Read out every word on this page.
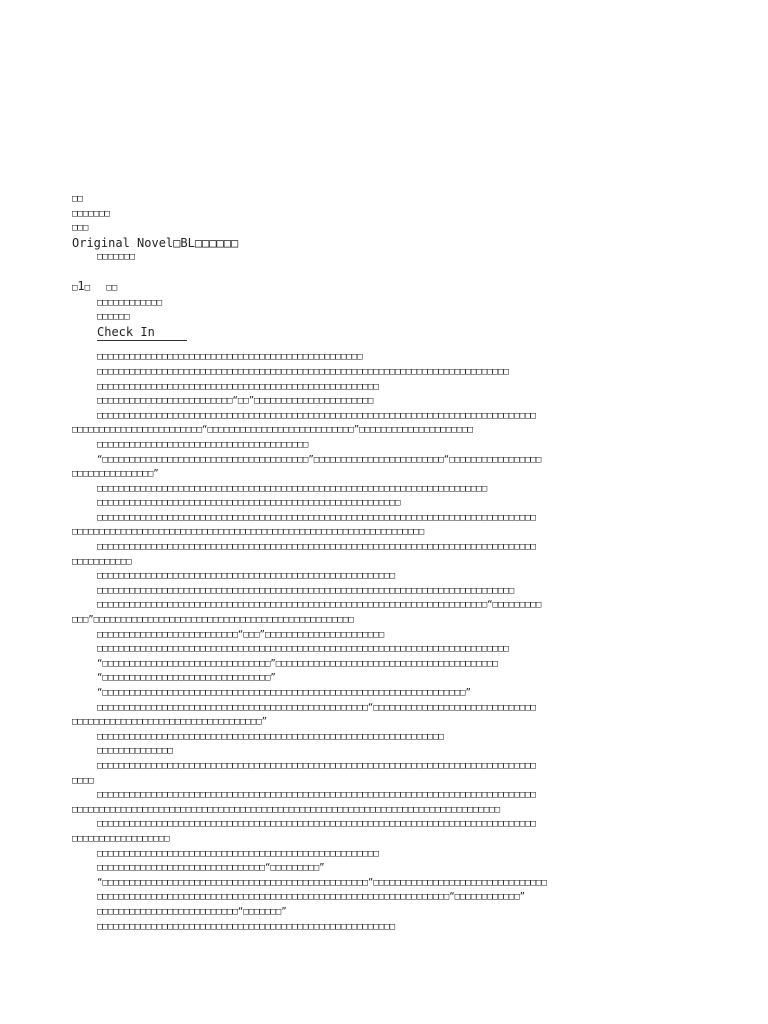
□□
□□□□□□□
□□□
Original Novel□BL□□□□□□
□□□□□□□
□1□ □□
□□□□□□□□□□□□
□□□□□□
Check In
□□□□□□□□□□□□□□□□□□□□□□□□□□□□□□□□□□□□□□□□□□□□□□□□□
□□□□□□□□□□□□□□□□□□□□□□□□□□□□□□□□□□□□□□□□□□□□□□□□□□□□□□□□□□□□□□□□□□□□□□□□□□□□
□□□□□□□□□□□□□□□□□□□□□□□□□□□□□□□□□□□□□□□□□□□□□□□□□□□□
□□□□□□□□□□□□□□□□□□□□□□□□□“□□”□□□□□□□□□□□□□□□□□□□□□□
□□□□□□□□□□□□□□□□□□□□□□□□□□□□□□□□□□□□□□□□□□□□□□□□□□□□□□□□□□□□□□□□□□□□□□□□□□□□□□□□□
□□□□□□□□□□□□□□□□□□□□□□□□“□□□□□□□□□□□□□□□□□□□□□□□□□□□”□□□□□□□□□□□□□□□□□□□□□
□□□□□□□□□□□□□□□□□□□□□□□□□□□□□□□□□□□□□□□
“□□□□□□□□□□□□□□□□□□□□□□□□□□□□□□□□□□□□□□”□□□□□□□□□□□□□□□□□□□□□□□□“□□□□□□□□□□□□□□□□□
□□□□□□□□□□□□□□□”
□□□□□□□□□□□□□□□□□□□□□□□□□□□□□□□□□□□□□□□□□□□□□□□□□□□□□□□□□□□□□□□□□□□□□□□□
□□□□□□□□□□□□□□□□□□□□□□□□□□□□□□□□□□□□□□□□□□□□□□□□□□□□□□□□
□□□□□□□□□□□□□□□□□□□□□□□□□□□□□□□□□□□□□□□□□□□□□□□□□□□□□□□□□□□□□□□□□□□□□□□□□□□□□□□□□
□□□□□□□□□□□□□□□□□□□□□□□□□□□□□□□□□□□□□□□□□□□□□□□□□□□□□□□□□□□□□□□□□
□□□□□□□□□□□□□□□□□□□□□□□□□□□□□□□□□□□□□□□□□□□□□□□□□□□□□□□□□□□□□□□□□□□□□□□□□□□□□□□□□
□□□□□□□□□□□
□□□□□□□□□□□□□□□□□□□□□□□□□□□□□□□□□□□□□□□□□□□□□□□□□□□□□□□
□□□□□□□□□□□□□□□□□□□□□□□□□□□□□□□□□□□□□□□□□□□□□□□□□□□□□□□□□□□□□□□□□□□□□□□□□□□□□
□□□□□□□□□□□□□□□□□□□□□□□□□□□□□□□□□□□□□□□□□□□□□□□□□□□□□□□□□□□□□□□□□□□□□□□□“□□□□□□□□□
□□□”□□□□□□□□□□□□□□□□□□□□□□□□□□□□□□□□□□□□□□□□□□□□□□□□
□□□□□□□□□□□□□□□□□□□□□□□□□□“□□□”□□□□□□□□□□□□□□□□□□□□□□
□□□□□□□□□□□□□□□□□□□□□□□□□□□□□□□□□□□□□□□□□□□□□□□□□□□□□□□□□□□□□□□□□□□□□□□□□□□□
“□□□□□□□□□□□□□□□□□□□□□□□□□□□□□□□”□□□□□□□□□□□□□□□□□□□□□□□□□□□□□□□□□□□□□□□□□
“□□□□□□□□□□□□□□□□□□□□□□□□□□□□□□□”
“□□□□□□□□□□□□□□□□□□□□□□□□□□□□□□□□□□□□□□□□□□□□□□□□□□□□□□□□□□□□□□□□□□□”
□□□□□□□□□□□□□□□□□□□□□□□□□□□□□□□□□□□□□□□□□□□□□□□□□□“□□□□□□□□□□□□□□□□□□□□□□□□□□□□□□
□□□□□□□□□□□□□□□□□□□□□□□□□□□□□□□□□□□”
□□□□□□□□□□□□□□□□□□□□□□□□□□□□□□□□□□□□□□□□□□□□□□□□□□□□□□□□□□□□□□□□
□□□□□□□□□□□□□□
□□□□□□□□□□□□□□□□□□□□□□□□□□□□□□□□□□□□□□□□□□□□□□□□□□□□□□□□□□□□□□□□□□□□□□□□□□□□□□□□□
□□□□
□□□□□□□□□□□□□□□□□□□□□□□□□□□□□□□□□□□□□□□□□□□□□□□□□□□□□□□□□□□□□□□□□□□□□□□□□□□□□□□□□
□□□□□□□□□□□□□□□□□□□□□□□□□□□□□□□□□□□□□□□□□□□□□□□□□□□□□□□□□□□□□□□□□□□□□□□□□□□□□□□
□□□□□□□□□□□□□□□□□□□□□□□□□□□□□□□□□□□□□□□□□□□□□□□□□□□□□□□□□□□□□□□□□□□□□□□□□□□□□□□□□
□□□□□□□□□□□□□□□□□□
□□□□□□□□□□□□□□□□□□□□□□□□□□□□□□□□□□□□□□□□□□□□□□□□□□□□
□□□□□□□□□□□□□□□□□□□□□□□□□□□□□□□“□□□□□□□□□”
“□□□□□□□□□□□□□□□□□□□□□□□□□□□□□□□□□□□□□□□□□□□□□□□□□”□□□□□□□□□□□□□□□□□□□□□□□□□□□□□□□□
□□□□□□□□□□□□□□□□□□□□□□□□□□□□□□□□□□□□□□□□□□□□□□□□□□□□□□□□□□□□□□□□□“□□□□□□□□□□□□”
□□□□□□□□□□□□□□□□□□□□□□□□□□“□□□□□□□”
□□□□□□□□□□□□□□□□□□□□□□□□□□□□□□□□□□□□□□□□□□□□□□□□□□□□□□□
